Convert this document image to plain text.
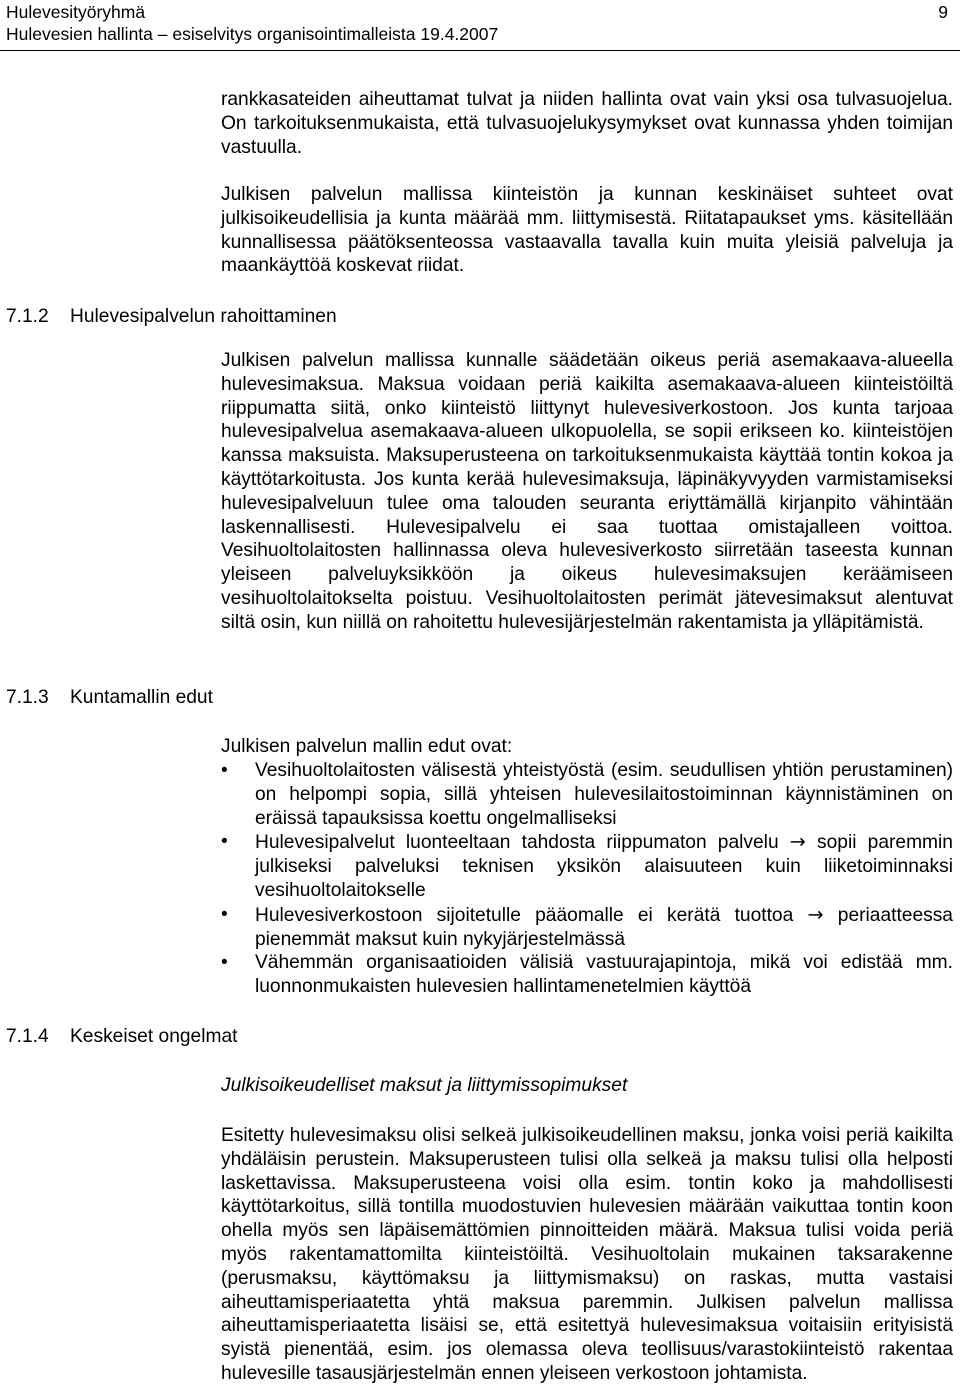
Hulevesityöryhmä
Hulevesien hallinta – esiselvitys organisointimalleista 19.4.2007
9

rankkasateiden aiheuttamat tulvat ja niiden hallinta ovat vain yksi osa tulvasuojelua. On tarkoituksenmukaista, että tulvasuojelukysymykset ovat kunnassa yhden toimijan vastuulla.

Julkisen palvelun mallissa kiinteistön ja kunnan keskinäiset suhteet ovat julkisoikeudellisia ja kunta määrää mm. liittymisestä. Riitatapaukset yms. käsitellään kunnallisessa päätöksenteossa vastaavalla tavalla kuin muita yleisiä palveluja ja maankäyttöä koskevat riidat.

7.1.2 Hulevesipalvelun rahoittaminen

Julkisen palvelun mallissa kunnalle säädetään oikeus periä asemakaava-alueella hulevesimaksua. Maksua voidaan periä kaikilta asemakaava-alueen kiinteistöiltä riippumatta siitä, onko kiinteistö liittynyt hulevesiverkostoon. Jos kunta tarjoaa hulevesipalvelua asemakaava-alueen ulkopuolella, se sopii erikseen ko. kiinteistöjen kanssa maksuista. Maksuperusteena on tarkoituksenmukaista käyttää tontin kokoa ja käyttötarkoitusta. Jos kunta kerää hulevesimaksuja, läpinäkyvyyden varmistamiseksi hulevesipalveluun tulee oma talouden seuranta eriyttämällä kirjanpito vähintään laskennallisesti. Hulevesipalvelu ei saa tuottaa omistajalleen voittoa. Vesihuoltolaitosten hallinnassa oleva hulevesiverkosto siirretään taseesta kunnan yleiseen palveluyksikköön ja oikeus hulevesimaksujen keräämiseen vesihuoltolaitokselta poistuu. Vesihuoltolaitosten perimät jätevesimaksut alentuvat siltä osin, kun niillä on rahoitettu hulevesijärjestelmän rakentamista ja ylläpitämistä.

7.1.3 Kuntamallin edut

Julkisen palvelun mallin edut ovat:

•	Vesihuoltolaitosten välisestä yhteistyöstä (esim. seudullisen yhtiön perustaminen) on helpompi sopia, sillä yhteisen hulevesilaitostoiminnan käynnistäminen on eräissä tapauksissa koettu ongelmalliseksi
•	Hulevesipalvelut luonteeltaan tahdosta riippumaton palvelu → sopii paremmin julkiseksi palveluksi teknisen yksikön alaisuuteen kuin liiketoiminnaksi vesihuoltolaitokselle
•	Hulevesiverkostoon sijoitetulle pääomalle ei kerätä tuottoa → periaatteessa pienemmät maksut kuin nykyjärjestelmässä
•	Vähemmän organisaatioiden välisiä vastuurajapintoja, mikä voi edistää mm. luonnonmukaisten hulevesien hallintamenetelmien käyttöä
7.1.4 Keskeiset ongelmat

Julkisoikeudelliset maksut ja liittymissopimukset

Esitetty hulevesimaksu olisi selkeä julkisoikeudellinen maksu, jonka voisi periä kaikilta yhdäläisin perustein. Maksuperusteen tulisi olla selkeä ja maksu tulisi olla helposti laskettavissa. Maksuperusteena voisi olla esim. tontin koko ja mahdollisesti käyttötarkoitus, sillä tontilla muodostuvien hulevesien määrään vaikuttaa tontin koon ohella myös sen läpäisemättömien pinnoitteiden määrä. Maksua tulisi voida periä myös rakentamattomilta kiinteistöiltä. Vesihuoltolain mukainen taksarakenne (perusmaksu, käyttömaksu ja liittymismaksu) on raskas, mutta vastaisi aiheuttamisperiaatetta yhtä maksua paremmin. Julkisen palvelun mallissa aiheuttamisperiaatetta lisäisi se, että esitettyä hulevesimaksua voitaisiin erityisistä syistä pienentää, esim. jos olemassa oleva teollisuus/varastokiinteistö rakentaa hulevesille tasausjärjestelmän ennen yleiseen verkostoon johtamista.
